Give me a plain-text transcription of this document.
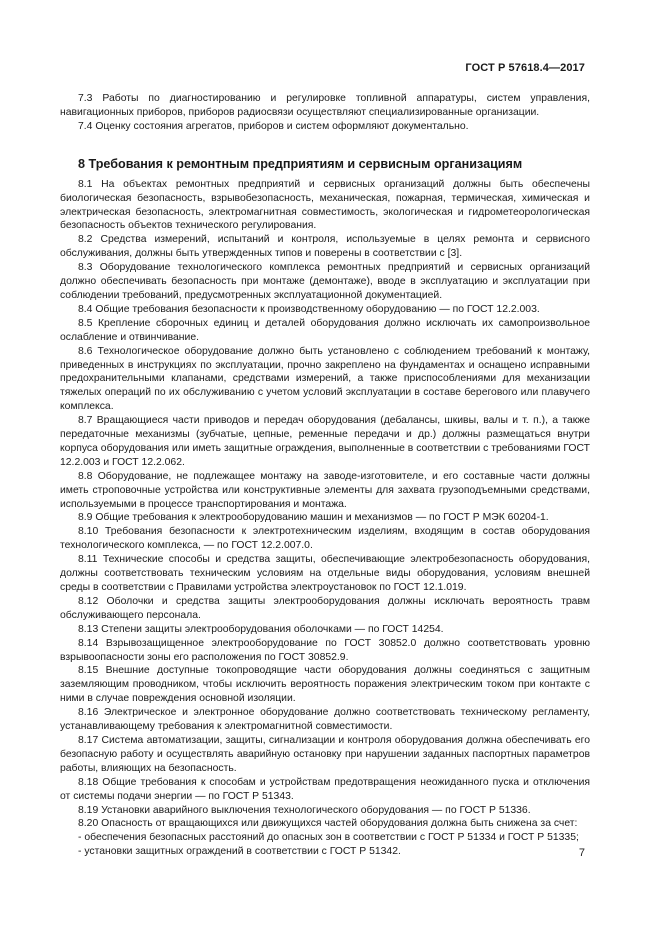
ГОСТ Р 57618.4—2017

7.3 Работы по диагностированию и регулировке топливной аппаратуры, систем управления, навигационных приборов, приборов радиосвязи осуществляют специализированные организации.

7.4 Оценку состояния агрегатов, приборов и систем оформляют документально.

8 Требования к ремонтным предприятиям и сервисным организациям

8.1 На объектах ремонтных предприятий и сервисных организаций должны быть обеспечены биологическая безопасность, взрывобезопасность, механическая, пожарная, термическая, химическая и электрическая безопасность, электромагнитная совместимость, экологическая и гидрометеорологическая безопасность объектов технического регулирования.

8.2 Средства измерений, испытаний и контроля, используемые в целях ремонта и сервисного обслуживания, должны быть утвержденных типов и поверены в соответствии с [3].

8.3 Оборудование технологического комплекса ремонтных предприятий и сервисных организаций должно обеспечивать безопасность при монтаже (демонтаже), вводе в эксплуатацию и эксплуатации при соблюдении требований, предусмотренных эксплуатационной документацией.

8.4 Общие требования безопасности к производственному оборудованию — по ГОСТ 12.2.003.

8.5 Крепление сборочных единиц и деталей оборудования должно исключать их самопроизвольное ослабление и отвинчивание.

8.6 Технологическое оборудование должно быть установлено с соблюдением требований к монтажу, приведенных в инструкциях по эксплуатации, прочно закреплено на фундаментах и оснащено исправными предохранительными клапанами, средствами измерений, а также приспособлениями для механизации тяжелых операций по их обслуживанию с учетом условий эксплуатации в составе берегового или плавучего комплекса.

8.7 Вращающиеся части приводов и передач оборудования (дебалансы, шкивы, валы и т. п.), а также передаточные механизмы (зубчатые, цепные, ременные передачи и др.) должны размещаться внутри корпуса оборудования или иметь защитные ограждения, выполненные в соответствии с требованиями ГОСТ 12.2.003 и ГОСТ 12.2.062.

8.8 Оборудование, не подлежащее монтажу на заводе-изготовителе, и его составные части должны иметь строповочные устройства или конструктивные элементы для захвата грузоподъемными средствами, используемыми в процессе транспортирования и монтажа.

8.9 Общие требования к электрооборудованию машин и механизмов — по ГОСТ Р МЭК 60204-1.

8.10 Требования безопасности к электротехническим изделиям, входящим в состав оборудования технологического комплекса, — по ГОСТ 12.2.007.0.

8.11 Технические способы и средства защиты, обеспечивающие электробезопасность оборудования, должны соответствовать техническим условиям на отдельные виды оборудования, условиям внешней среды в соответствии с Правилами устройства электроустановок по ГОСТ 12.1.019.

8.12 Оболочки и средства защиты электрооборудования должны исключать вероятность травм обслуживающего персонала.

8.13 Степени защиты электрооборудования оболочками — по ГОСТ 14254.

8.14 Взрывозащищенное электрооборудование по ГОСТ 30852.0 должно соответствовать уровню взрывоопасности зоны его расположения по ГОСТ 30852.9.

8.15 Внешние доступные токопроводящие части оборудования должны соединяться с защитным заземляющим проводником, чтобы исключить вероятность поражения электрическим током при контакте с ними в случае повреждения основной изоляции.

8.16 Электрическое и электронное оборудование должно соответствовать техническому регламенту, устанавливающему требования к электромагнитной совместимости.

8.17 Система автоматизации, защиты, сигнализации и контроля оборудования должна обеспечивать его безопасную работу и осуществлять аварийную остановку при нарушении заданных паспортных параметров работы, влияющих на безопасность.

8.18 Общие требования к способам и устройствам предотвращения неожиданного пуска и отключения от системы подачи энергии — по ГОСТ Р 51343.

8.19 Установки аварийного выключения технологического оборудования — по ГОСТ Р 51336.

8.20 Опасность от вращающихся или движущихся частей оборудования должна быть снижена за счет:

- обеспечения безопасных расстояний до опасных зон в соответствии с ГОСТ Р 51334 и ГОСТ Р 51335;

- установки защитных ограждений в соответствии с ГОСТ Р 51342.	7
